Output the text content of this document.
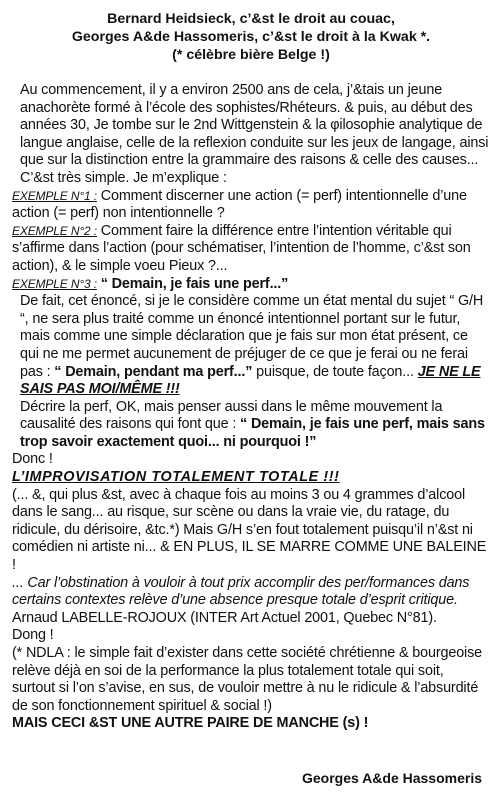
Bernard Heidsieck, c’&st le droit au couac,
Georges A&de Hassomeris, c’&st le droit à la Kwak *.
(* célèbre bière Belge !)

Au commencement, il y a environ 2500 ans de cela, j’&tais un jeune anachorète formé à l’école des sophistes/Rhéteurs. & puis, au début des années 30, Je tombe sur le 2nd Wittgenstein & la φilosophie analytique de langue anglaise, celle de la reflexion conduite sur les jeux de langage, ainsi que sur la distinction entre la grammaire des raisons & celle des causes... C’&st très simple. Je m’explique :

EXEMPLE N°1 : Comment discerner une action (= perf) intentionnelle d’une action (= perf) non intentionnelle ?

EXEMPLE N°2 : Comment faire la différence entre l’intention véritable qui s’affirme dans l’action (pour schématiser, l’intention de l’homme, c’&st son action), & le simple voeu Pieux ?...

EXEMPLE N°3 : “ Demain, je fais une perf...”

De fait, cet énoncé, si je le considère comme un état mental du sujet “ G/H “, ne sera plus traité comme un énoncé intentionnel portant sur le futur, mais comme une simple déclaration que je fais sur mon état présent, ce qui ne me permet aucunement de préjuger de ce que je ferai ou ne ferai pas : “ Demain, pendant ma perf...” puisque, de toute façon... JE NE LE SAIS PAS MOI/MÊME !!!

Décrire la perf, OK, mais penser aussi dans le même mouvement la causalité des raisons qui font que : “ Demain, je fais une perf, mais sans trop savoir exactement quoi... ni pourquoi !”

Donc !

L’IMPROVISATION TOTALEMENT TOTALE !!!

(... &, qui plus &st, avec à chaque fois au moins 3 ou 4 grammes d’alcool dans le sang... au risque, sur scène ou dans la vraie vie, du ratage, du ridicule, du dérisoire, &tc.*) Mais G/H s’en fout totalement puisqu’il n’&st ni comédien ni artiste ni... & EN PLUS, IL SE MARRE COMME UNE BALEINE !

... Car l’obstination à vouloir à tout prix accomplir des per/formances dans certains contextes relève d’une absence presque totale d’esprit critique. Arnaud LABELLE-ROJOUX (INTER Art Actuel 2001, Quebec N°81).

Dong !

(* NDLA : le simple fait d’exister dans cette société chrétienne & bourgeoise relève déjà en soi de la performance la plus totalement totale qui soit, surtout si l’on s’avise, en sus, de vouloir mettre à nu le ridicule & l’absurdité de son fonctionnement spirituel & social !)

MAIS CECI &ST UNE AUTRE PAIRE DE MANCHE (s) !

Georges A&de Hassomeris
